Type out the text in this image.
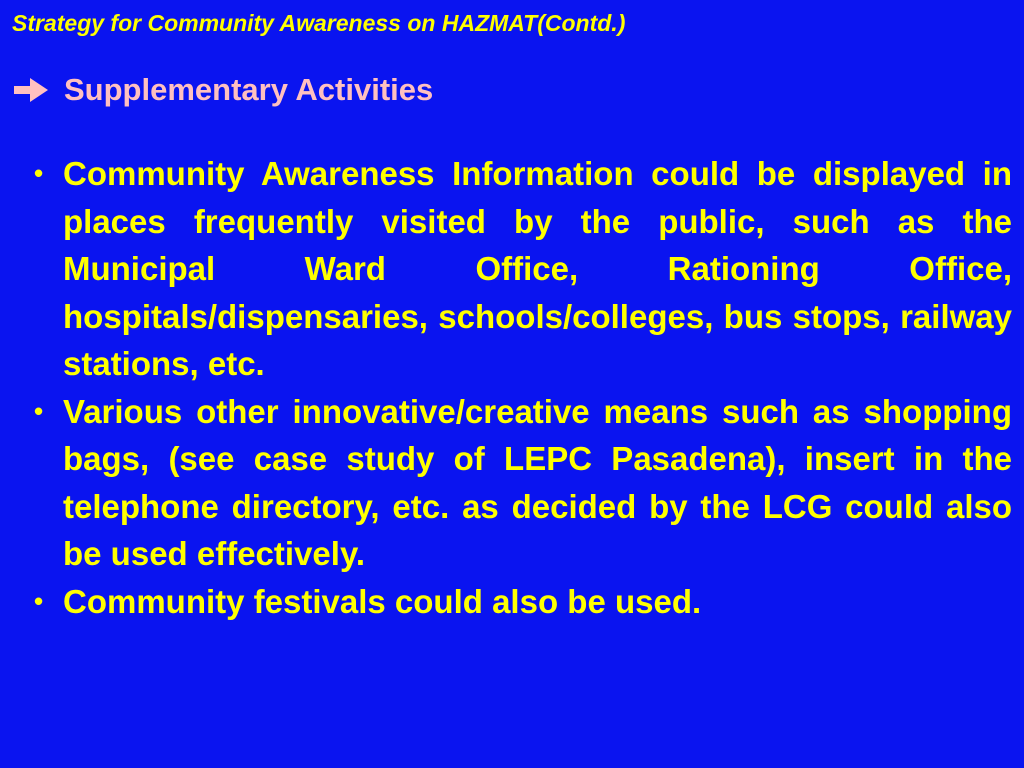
Strategy for Community Awareness on HAZMAT(Contd.)
Supplementary Activities
• Community Awareness Information could be displayed in places frequently visited by the public, such as the Municipal Ward Office, Rationing Office, hospitals/dispensaries, schools/colleges, bus stops, railway stations, etc.
• Various other innovative/creative means such as shopping bags, (see case study of LEPC Pasadena), insert in the telephone directory, etc. as decided by the LCG could also be used effectively.
• Community festivals could also be used.
